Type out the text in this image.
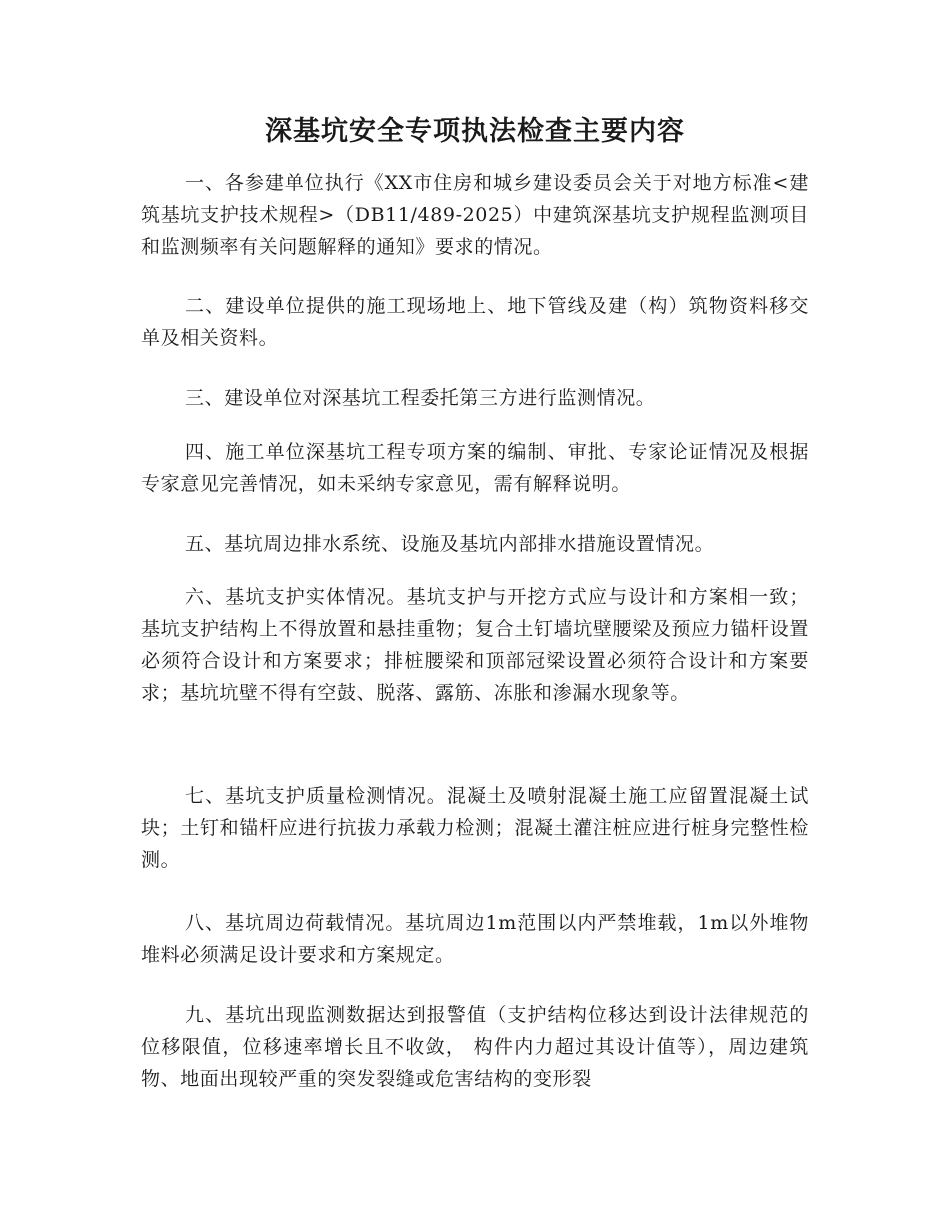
深基坑安全专项执法检查主要内容

一、各参建单位执行《XX市住房和城乡建设委员会关于对地方标准<建筑基坑支护技术规程>（DB11/489-2025）中建筑深基坑支护规程监测项目和监测频率有关问题解释的通知》要求的情况。

二、建设单位提供的施工现场地上、地下管线及建（构）筑物资料移交单及相关资料。

三、建设单位对深基坑工程委托第三方进行监测情况。

四、施工单位深基坑工程专项方案的编制、审批、专家论证情况及根据专家意见完善情况，如未采纳专家意见，需有解释说明。

五、基坑周边排水系统、设施及基坑内部排水措施设置情况。

六、基坑支护实体情况。基坑支护与开挖方式应与设计和方案相一致；基坑支护结构上不得放置和悬挂重物；复合土钉墙坑壁腰梁及预应力锚杆设置必须符合设计和方案要求；排桩腰梁和顶部冠梁设置必须符合设计和方案要求；基坑坑壁不得有空鼓、脱落、露筋、冻胀和渗漏水现象等。

七、基坑支护质量检测情况。混凝土及喷射混凝土施工应留置混凝土试块；土钉和锚杆应进行抗拔力承载力检测；混凝土灌注桩应进行桩身完整性检测。

八、基坑周边荷载情况。基坑周边1m范围以内严禁堆载，1m以外堆物堆料必须满足设计要求和方案规定。

九、基坑出现监测数据达到报警值（支护结构位移达到设计法律规范的位移限值，位移速率增长且不收敛， 构件内力超过其设计值等），周边建筑物、地面出现较严重的突发裂缝或危害结构的变形裂
